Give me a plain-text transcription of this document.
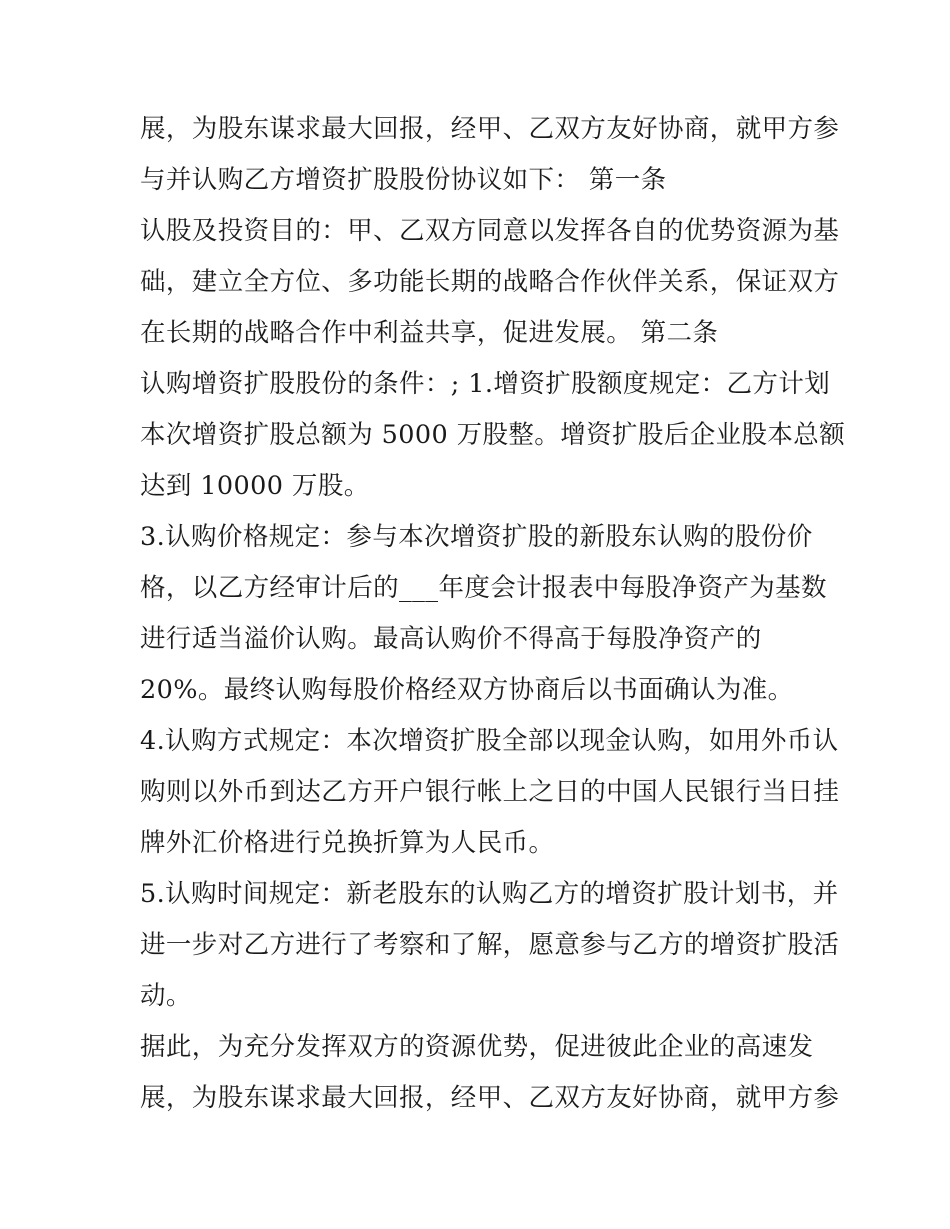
展，为股东谋求最大回报，经甲、乙双方友好协商，就甲方参
与并认购乙方增资扩股股份协议如下： 第一条
认股及投资目的：甲、乙双方同意以发挥各自的优势资源为基
础，建立全方位、多功能长期的战略合作伙伴关系，保证双方
在长期的战略合作中利益共享，促进发展。 第二条
认购增资扩股股份的条件：; 1.增资扩股额度规定：乙方计划
本次增资扩股总额为 5000 万股整。增资扩股后企业股本总额
达到 10000 万股。
3.认购价格规定：参与本次增资扩股的新股东认购的股份价
格，以乙方经审计后的___年度会计报表中每股净资产为基数
进行适当溢价认购。最高认购价不得高于每股净资产的
20%。最终认购每股价格经双方协商后以书面确认为准。
4.认购方式规定：本次增资扩股全部以现金认购，如用外币认
购则以外币到达乙方开户银行帐上之日的中国人民银行当日挂
牌外汇价格进行兑换折算为人民币。
5.认购时间规定：新老股东的认购乙方的增资扩股计划书，并
进一步对乙方进行了考察和了解，愿意参与乙方的增资扩股活
动。
据此，为充分发挥双方的资源优势，促进彼此企业的高速发
展，为股东谋求最大回报，经甲、乙双方友好协商，就甲方参
